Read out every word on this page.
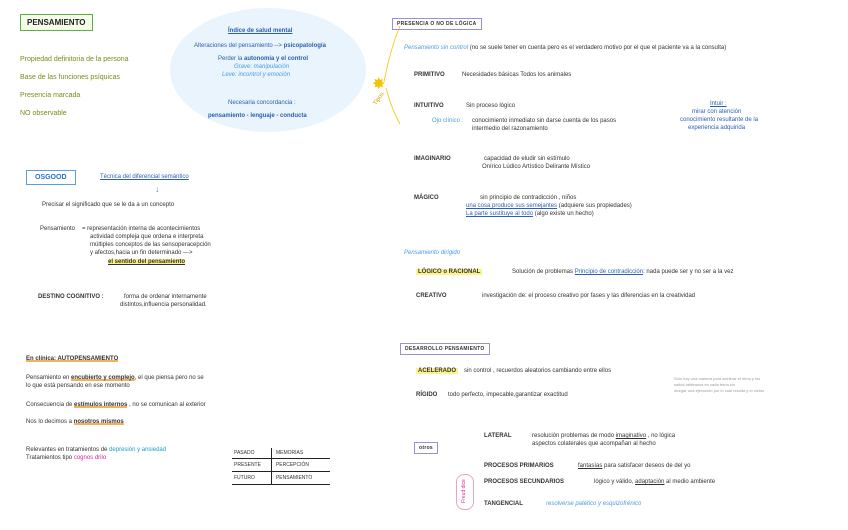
PENSAMIENTO
Propiedad definitoria de la persona
Base de las funciones psíquicas
Presencia marcada
NO observable
OSGOOD	Técnica del diferencial semántico
↓
Precisar el significado que se le da a un concepto
Pensamiento = representación interna de acontecimientos
actividad compleja que ordena e interpreta
múltiples conceptos de las sensoperacepción
y afectos,hacia un fin determinado --->
el sentido del pensamiento
DESTINO COGNITIVO :	forma de ordenar internamente
distintos,influencia personalidad.
En clínica: AUTOPENSAMIENTO
Pensamiento en encubierto y complejo, el que piensa pero no se
lo que está pensando en ese momento
Consecuencia de estímulos internos , no se comunican al exterior
Nos lo decimos a nosotros mismos
Relevantes en tratamientos de depresión y ansiedad
Tratamientos tipo cognos drilo
PASADO	MEMORIAS
PRESENTE	PERCEPCIÓN
FUTURO	PENSAMIENTO
Índice de salud mental
Alteraciones del pensamiento --> psicopatología
Perder la autonomía y el control
Grave: manipulación
Leve: incontrol y emoción
Necesaria concordancia :
pensamiento - lenguaje - conducta
✸
Tipos
PRESENCIA O NO DE LÓGICA
Pensamiento sin control (no se suele tener en cuenta pero es el verdadero motivo por el que el paciente va a la consulta)
PRIMITIVO	Necesidades básicas Todos los animales
INTUITIVO	Sin proceso lógico
Ojo clínico : conocimiento inmediato sin darse cuenta de los pasos
intermedio del razonamiento
Intuir :
mirar con atención
conocimiento resultante de la
experiencia adquirida
IMAGINARIO	capacidad de eludir sin estímulo
Onírico Lúdico Artístico Delirante Místico
MÁGICO	sin principio de contradicción , niños
una cosa produce sus semejantes (adquiere sus propiedades)
La parte sustituye al todo (algo existe un hecho)
Pensamiento dirigido
LÓGICO o RACIONAL	Solución de problemas Principio de contradicción: nada puede ser y no ser a la vez
CREATIVO	investigación de: el proceso creativo por fases y las diferencias en la creatividad
DESARROLLO PENSAMIENTO
ACELERADO	sin control , recuerdos aleatorios cambiando entre ellos
Sólo hay una manera para acelerar el ritmo y los
saltos arbitrarios en cada tema sin
otorgar una ejecución por lo cual resulta y el olvido
RÍGIDO todo perfecto, impecable,garantizar exactitud
otros
LATERAL	resolución problemas de modo imaginativo , no lógica
aspectos colaterales que acompañan al hecho
Freud dice
PROCESOS PRIMARIOS	fantasías para satisfacer deseos de del yo
PROCESOS SECUNDARIOS	lógico y válido, adaptación al medio ambiente
TANGENCIAL	resolverse patético y esquizofrénico
